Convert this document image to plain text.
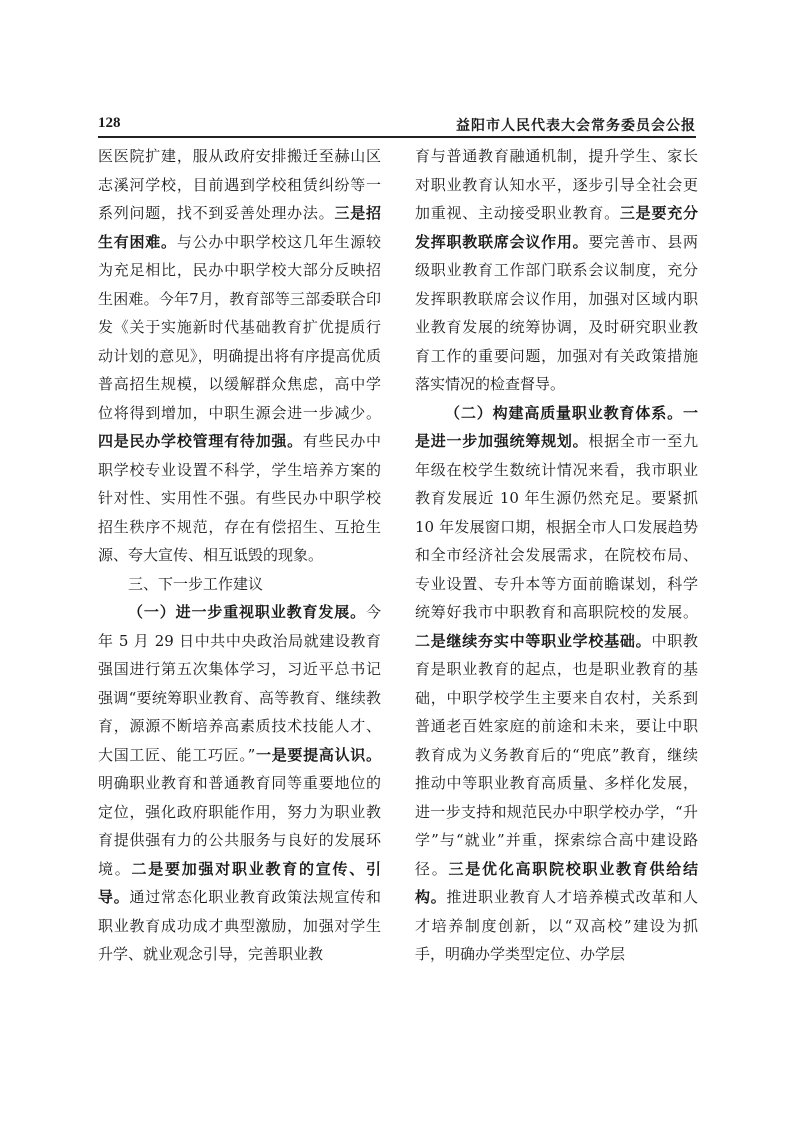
128	益阳市人民代表大会常务委员会公报

医医院扩建，服从政府安排搬迁至赫山区志溪河学校，目前遇到学校租赁纠纷等一系列问题，找不到妥善处理办法。三是招生有困难。与公办中职学校这几年生源较为充足相比，民办中职学校大部分反映招生困难。今年7月，教育部等三部委联合印发《关于实施新时代基础教育扩优提质行动计划的意见》，明确提出将有序提高优质普高招生规模，以缓解群众焦虑，高中学位将得到增加，中职生源会进一步减少。四是民办学校管理有待加强。有些民办中职学校专业设置不科学，学生培养方案的针对性、实用性不强。有些民办中职学校招生秩序不规范，存在有偿招生、互抢生源、夸大宣传、相互诋毁的现象。

三、下一步工作建议

（一）进一步重视职业教育发展。今年 5 月 29 日中共中央政治局就建设教育强国进行第五次集体学习，习近平总书记强调“要统筹职业教育、高等教育、继续教育，源源不断培养高素质技术技能人才、大国工匠、能工巧匠。”一是要提高认识。明确职业教育和普通教育同等重要地位的定位，强化政府职能作用，努力为职业教育提供强有力的公共服务与良好的发展环境。二是要加强对职业教育的宣传、引导。通过常态化职业教育政策法规宣传和职业教育成功成才典型激励，加强对学生升学、就业观念引导，完善职业教

育与普通教育融通机制，提升学生、家长对职业教育认知水平，逐步引导全社会更加重视、主动接受职业教育。三是要充分发挥职教联席会议作用。要完善市、县两级职业教育工作部门联系会议制度，充分发挥职教联席会议作用，加强对区域内职业教育发展的统筹协调，及时研究职业教育工作的重要问题，加强对有关政策措施落实情况的检查督导。

（二）构建高质量职业教育体系。一是进一步加强统筹规划。根据全市一至九年级在校学生数统计情况来看，我市职业教育发展近 10 年生源仍然充足。要紧抓 10 年发展窗口期，根据全市人口发展趋势和全市经济社会发展需求，在院校布局、专业设置、专升本等方面前瞻谋划，科学统筹好我市中职教育和高职院校的发展。二是继续夯实中等职业学校基础。中职教育是职业教育的起点，也是职业教育的基础，中职学校学生主要来自农村，关系到普通老百姓家庭的前途和未来，要让中职教育成为义务教育后的“兜底”教育，继续推动中等职业教育高质量、多样化发展，进一步支持和规范民办中职学校办学，“升学”与“就业”并重，探索综合高中建设路径。三是优化高职院校职业教育供给结构。推进职业教育人才培养模式改革和人才培养制度创新，以“双高校”建设为抓手，明确办学类型定位、办学层
